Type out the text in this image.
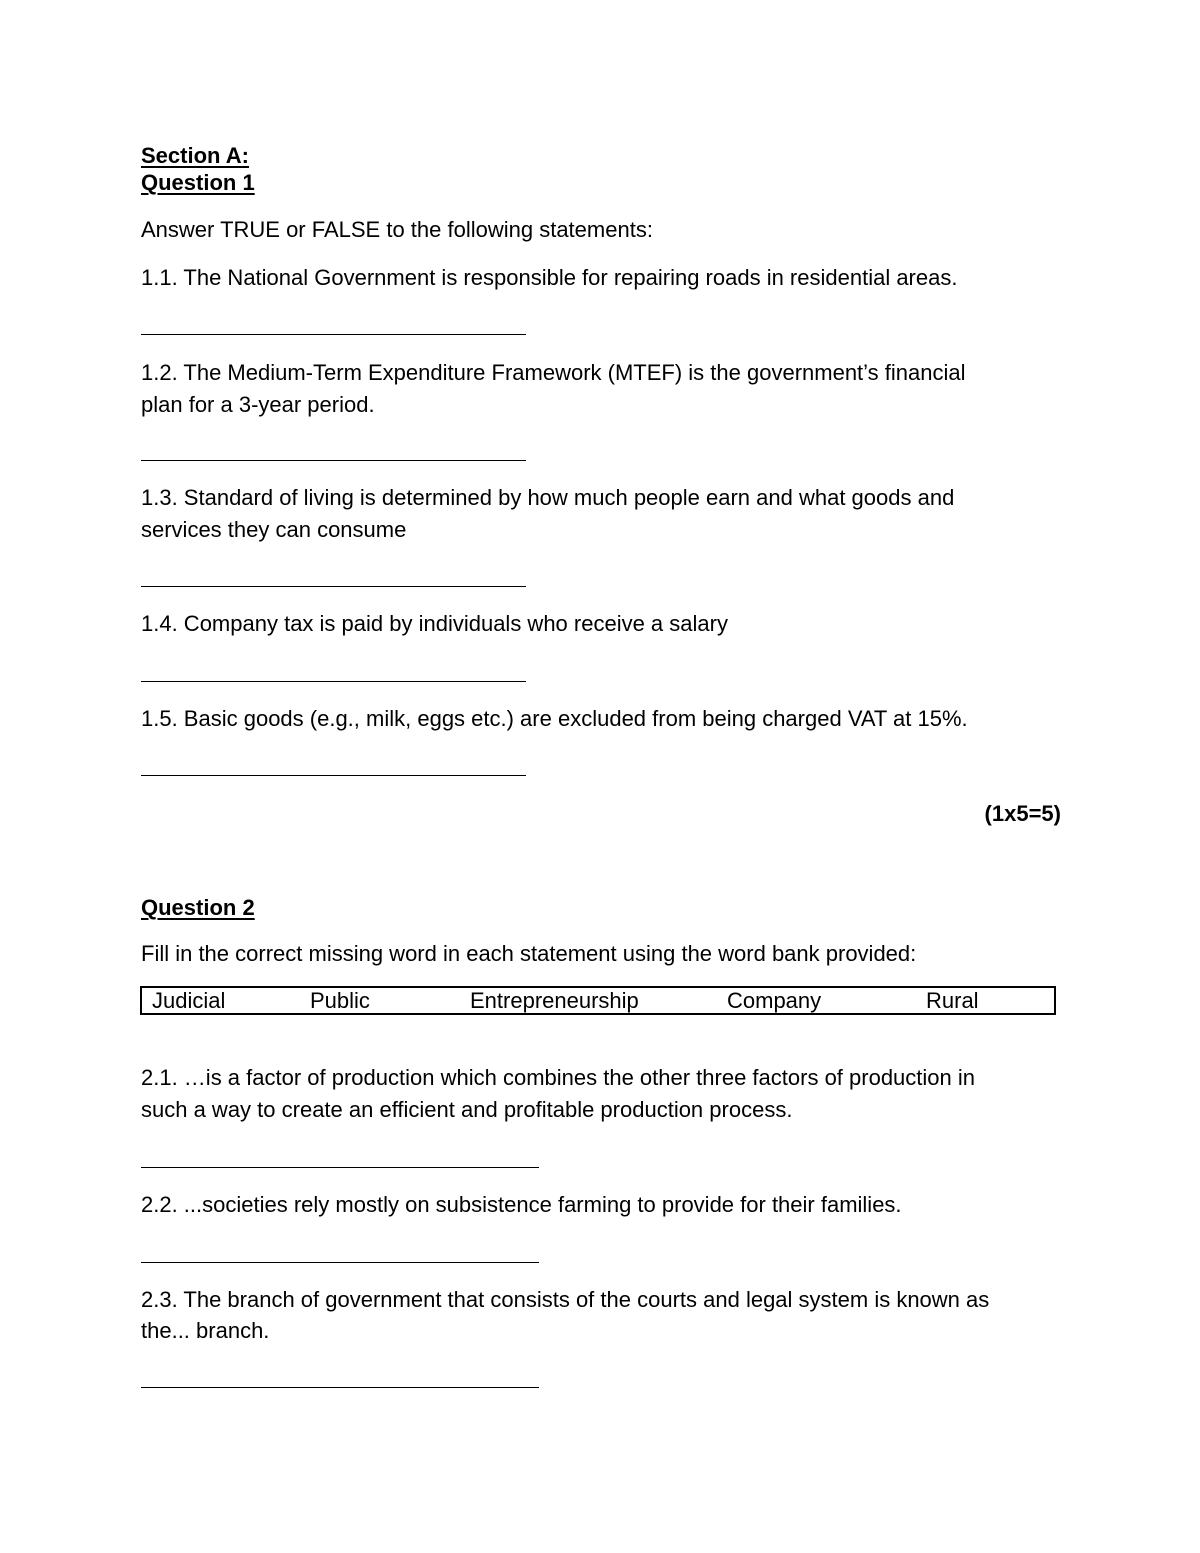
Section A:
Question 1
Answer TRUE or FALSE to the following statements:
1.1. The National Government is responsible for repairing roads in residential areas.
1.2. The Medium-Term Expenditure Framework (MTEF) is the government’s financial
plan for a 3-year period.
1.3. Standard of living is determined by how much people earn and what goods and
services they can consume
1.4. Company tax is paid by individuals who receive a salary
1.5. Basic goods (e.g., milk, eggs etc.) are excluded from being charged VAT at 15%.
(1x5=5)
Question 2
Fill in the correct missing word in each statement using the word bank provided:
Judicial	Public	Entrepreneurship	Company	Rural
2.1. …is a factor of production which combines the other three factors of production in
such a way to create an efficient and profitable production process.
2.2. ...societies rely mostly on subsistence farming to provide for their families.
2.3. The branch of government that consists of the courts and legal system is known as
the... branch.
